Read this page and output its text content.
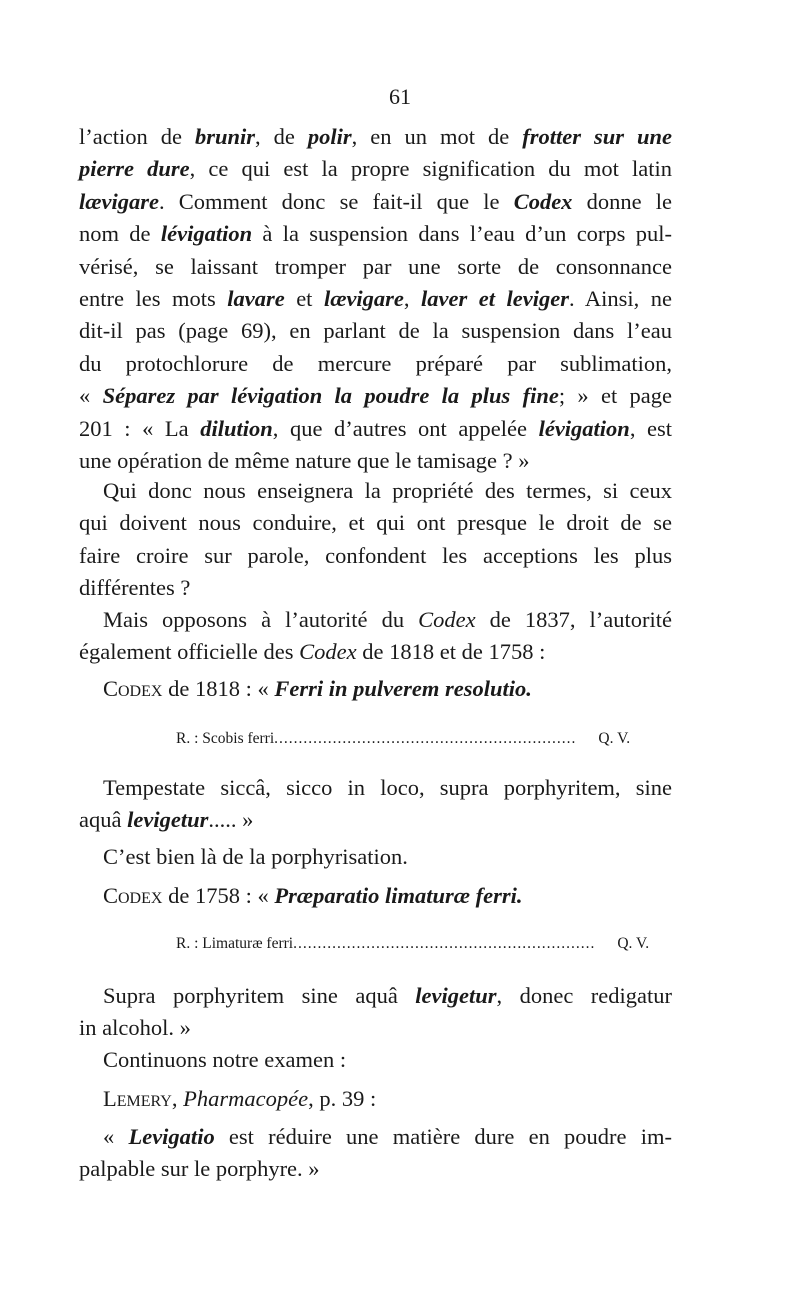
61
l’action de brunir, de polir, en un mot de frotter sur une
pierre dure, ce qui est la propre signification du mot latin
lævigare. Comment donc se fait-il que le Codex donne le
nom de lévigation à la suspension dans l’eau d’un corps pul-
vérisé, se laissant tromper par une sorte de consonnance
entre les mots lavare et lævigare, laver et leviger. Ainsi, ne
dit-il pas (page 69), en parlant de la suspension dans l’eau
du protochlorure de mercure préparé par sublimation,
« Séparez par lévigation la poudre la plus fine; » et page
201 : « La dilution, que d’autres ont appelée lévigation, est
une opération de même nature que le tamisage ? »
Qui donc nous enseignera la propriété des termes, si ceux
qui doivent nous conduire, et qui ont presque le droit de se
faire croire sur parole, confondent les acceptions les plus
différentes ?
Mais opposons à l’autorité du Codex de 1837, l’autorité
également officielle des Codex de 1818 et de 1758 :
Codex de 1818 : « Ferri in pulverem resolutio.
R. : Scobis ferri .............................................................. Q. V.
Tempestate siccâ, sicco in loco, supra porphyritem, sine
aquâ levigetur..... »
C’est bien là de la porphyrisation.
Codex de 1758 : « Præparatio limaturæ ferri.
R. : Limaturæ ferri .............................................................. Q. V.
Supra porphyritem sine aquâ levigetur, donec redigatur
in alcohol. »
Continuons notre examen :
Lemery, Pharmacopée, p. 39 :
« Levigatio est réduire une matière dure en poudre im-
palpable sur le porphyre. »
